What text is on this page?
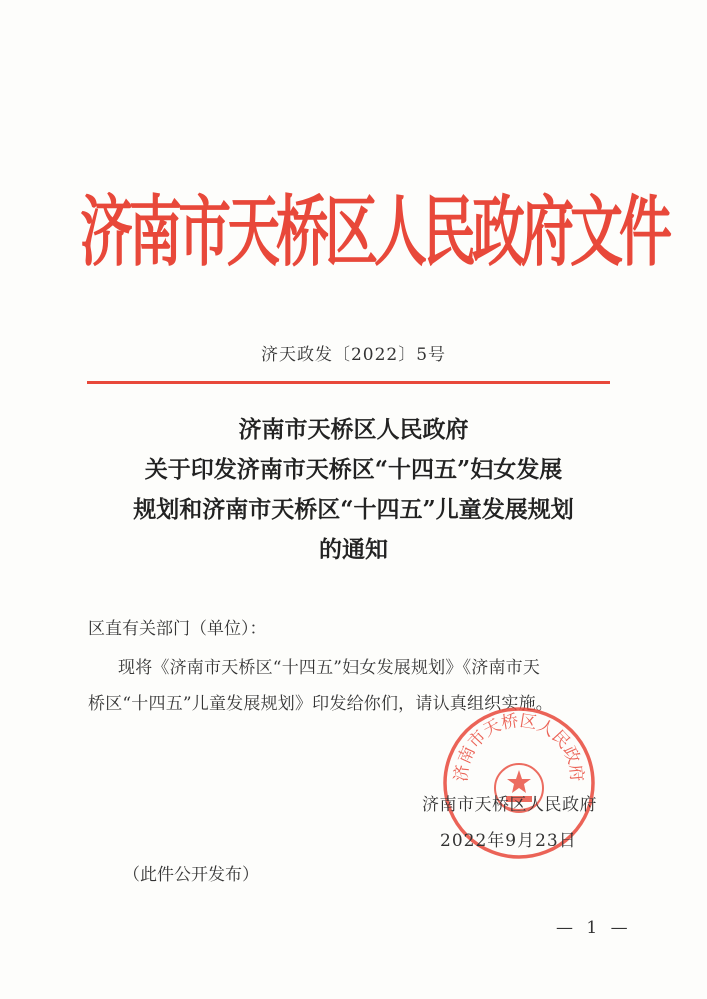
济南市天桥区人民政府文件
济天政发〔2022〕5号
济南市天桥区人民政府
关于印发济南市天桥区“十四五”妇女发展
规划和济南市天桥区“十四五”儿童发展规划
的通知
区直有关部门（单位）：
现将《济南市天桥区“十四五”妇女发展规划》《济南市天
桥区“十四五”儿童发展规划》印发给你们，请认真组织实施。
济南市天桥区人民政府
济南市天桥区人民政府
2022年9月23日
（此件公开发布）
— 1 —
